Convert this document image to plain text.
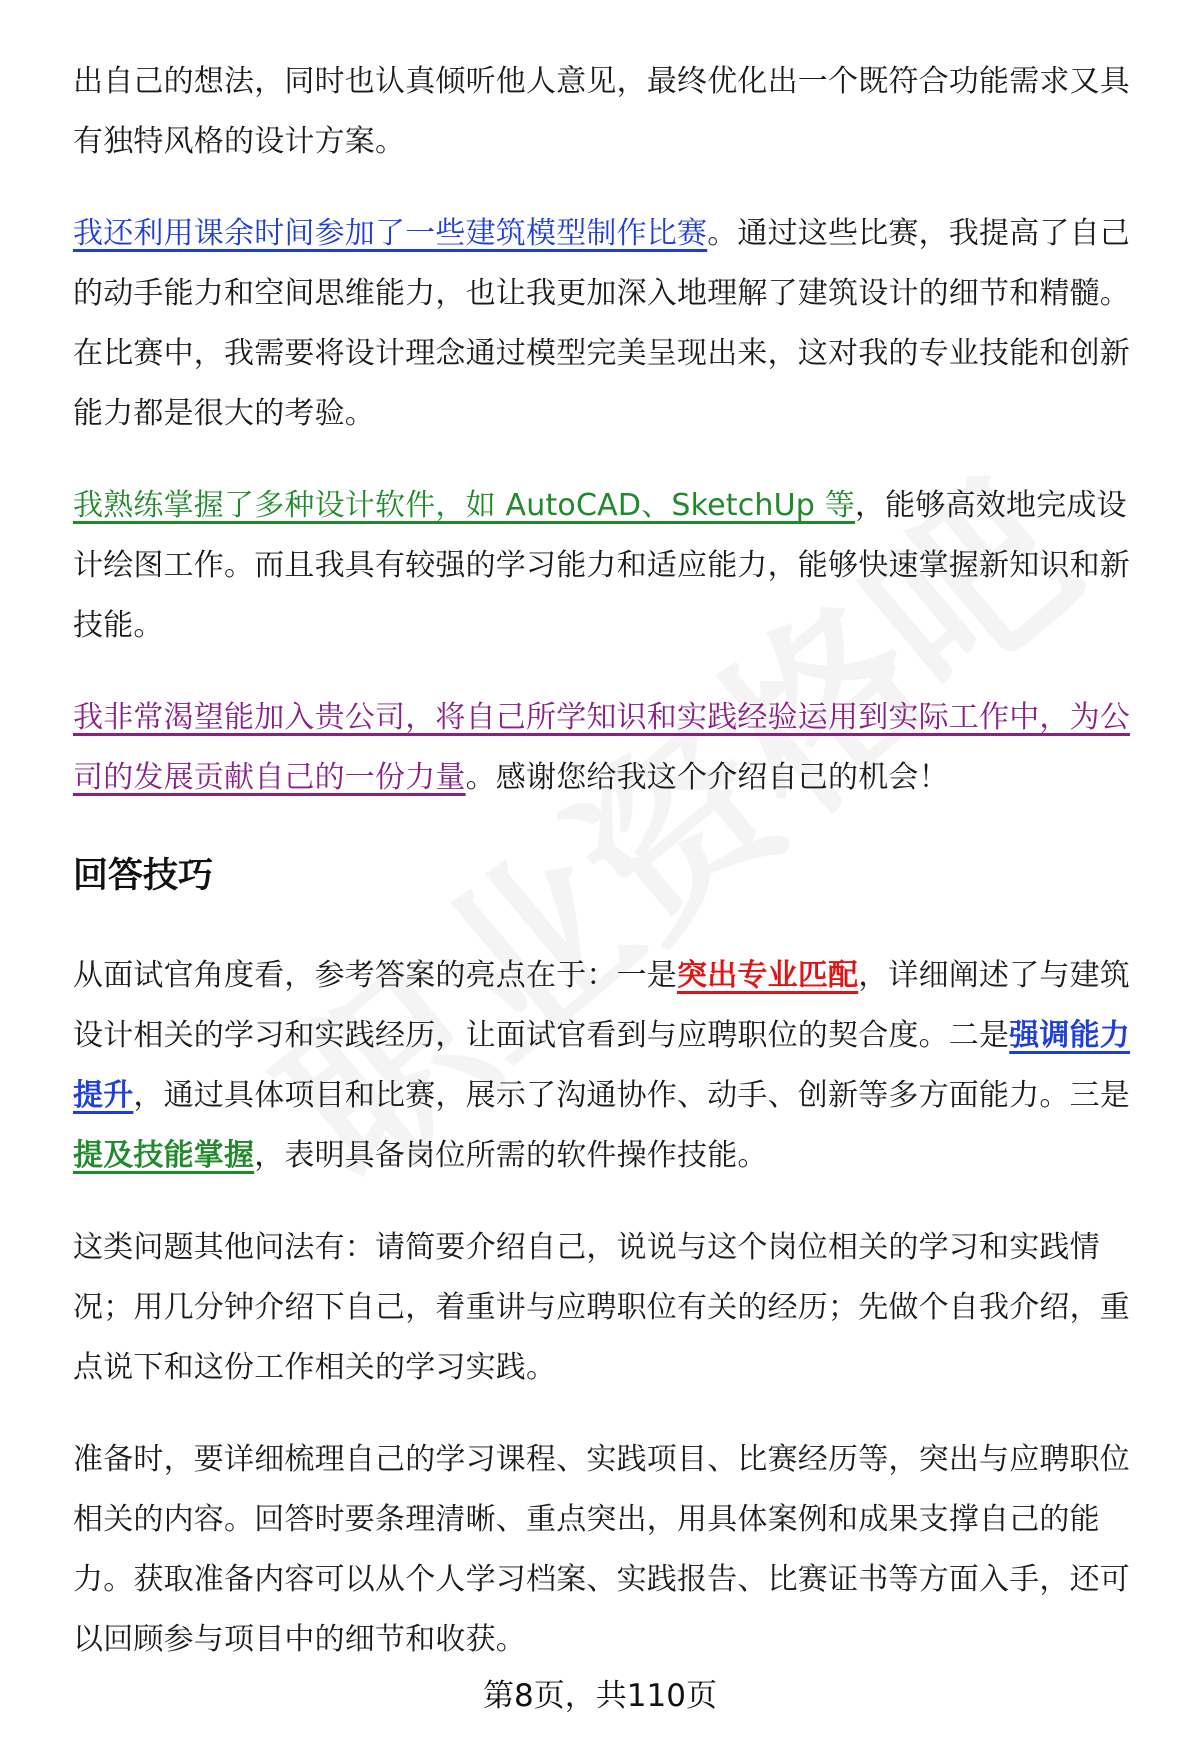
出自己的想法，同时也认真倾听他人意见，最终优化出一个既符合功能需求又具有独特风格的设计方案。

我还利用课余时间参加了一些建筑模型制作比赛。通过这些比赛，我提高了自己的动手能力和空间思维能力，也让我更加深入地理解了建筑设计的细节和精髓。在比赛中，我需要将设计理念通过模型完美呈现出来，这对我的专业技能和创新能力都是很大的考验。

我熟练掌握了多种设计软件，如 AutoCAD、SketchUp 等，能够高效地完成设计绘图工作。而且我具有较强的学习能力和适应能力，能够快速掌握新知识和新技能。

我非常渴望能加入贵公司，将自己所学知识和实践经验运用到实际工作中，为公司的发展贡献自己的一份力量。感谢您给我这个介绍自己的机会！

回答技巧

从面试官角度看，参考答案的亮点在于：一是突出专业匹配，详细阐述了与建筑设计相关的学习和实践经历，让面试官看到与应聘职位的契合度。二是强调能力提升，通过具体项目和比赛，展示了沟通协作、动手、创新等多方面能力。三是提及技能掌握，表明具备岗位所需的软件操作技能。

这类问题其他问法有：请简要介绍自己，说说与这个岗位相关的学习和实践情况；用几分钟介绍下自己，着重讲与应聘职位有关的经历；先做个自我介绍，重点说下和这份工作相关的学习实践。

准备时，要详细梳理自己的学习课程、实践项目、比赛经历等，突出与应聘职位相关的内容。回答时要条理清晰、重点突出，用具体案例和成果支撑自己的能力。获取准备内容可以从个人学习档案、实践报告、比赛证书等方面入手，还可以回顾参与项目中的细节和收获。

第8页，共110页
